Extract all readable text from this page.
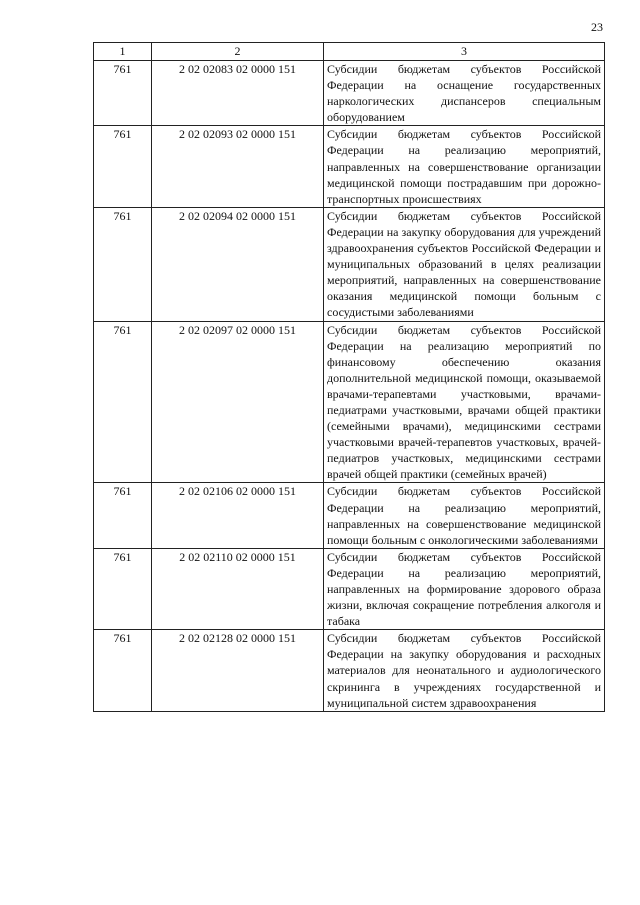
23
1	2	3
761	2 02 02083 02 0000 151	Субсидии бюджетам субъектов Российской Федерации на оснащение государственных наркологических диспансеров специальным оборудованием
761	2 02 02093 02 0000 151	Субсидии бюджетам субъектов Российской Федерации на реализацию мероприятий, направленных на совершенствование организации медицинской помощи пострадавшим при дорожно-транспортных происшествиях
761	2 02 02094 02 0000 151	Субсидии бюджетам субъектов Российской Федерации на закупку оборудования для учреждений здравоохранения субъектов Российской Федерации и муниципальных образований в целях реализации мероприятий, направленных на совершенствование оказания медицинской помощи больным с сосудистыми заболеваниями
761	2 02 02097 02 0000 151	Субсидии бюджетам субъектов Российской Федерации на реализацию мероприятий по финансовому обеспечению оказания дополнительной медицинской помощи, оказываемой врачами-терапевтами участковыми, врачами-педиатрами участковыми, врачами общей практики (семейными врачами), медицинскими сестрами участковыми врачей-терапевтов участковых, врачей-педиатров участковых, медицинскими сестрами врачей общей практики (семейных врачей)
761	2 02 02106 02 0000 151	Субсидии бюджетам субъектов Российской Федерации на реализацию мероприятий, направленных на совершенствование медицинской помощи больным с онкологическими заболеваниями
761	2 02 02110 02 0000 151	Субсидии бюджетам субъектов Российской Федерации на реализацию мероприятий, направленных на формирование здорового образа жизни, включая сокращение потребления алкоголя и табака
761	2 02 02128 02 0000 151	Субсидии бюджетам субъектов Российской Федерации на закупку оборудования и расходных материалов для неонатального и аудиологического скрининга в учреждениях государственной и муниципальной систем здравоохранения
